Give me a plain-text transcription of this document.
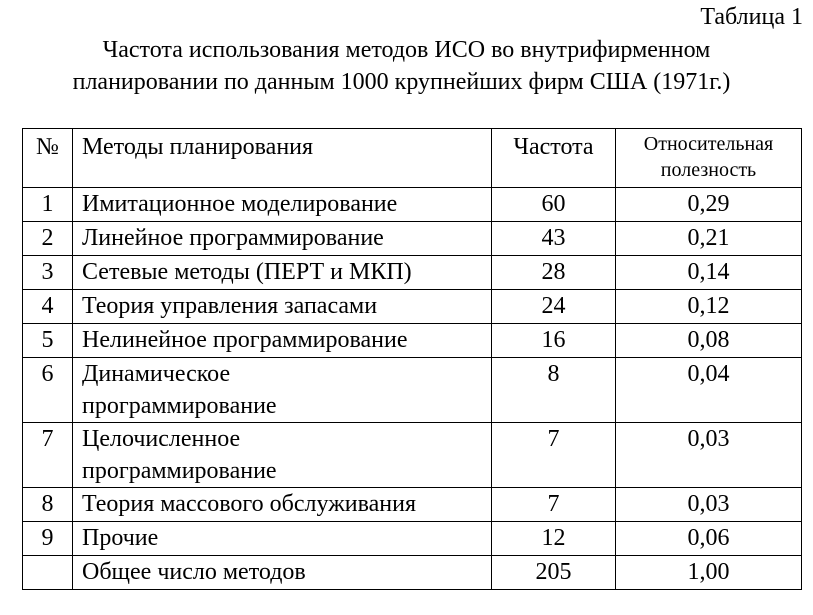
Таблица 1
Частота использования методов ИСО во внутрифирменном
планировании по данным 1000 крупнейших фирм США (1971г.)
№	Методы планирования	Частота	Относительная
полезность
1	Имитационное моделирование	60	0,29
2	Линейное программирование	43	0,21
3	Сетевые методы (ПЕРТ и МКП)	28	0,14
4	Теория управления запасами	24	0,12
5	Нелинейное программирование	16	0,08
6	Динамическое
программирование	8	0,04
7	Целочисленное
программирование	7	0,03
8	Теория массового обслуживания	7	0,03
9	Прочие	12	0,06
	Общее число методов	205	1,00
